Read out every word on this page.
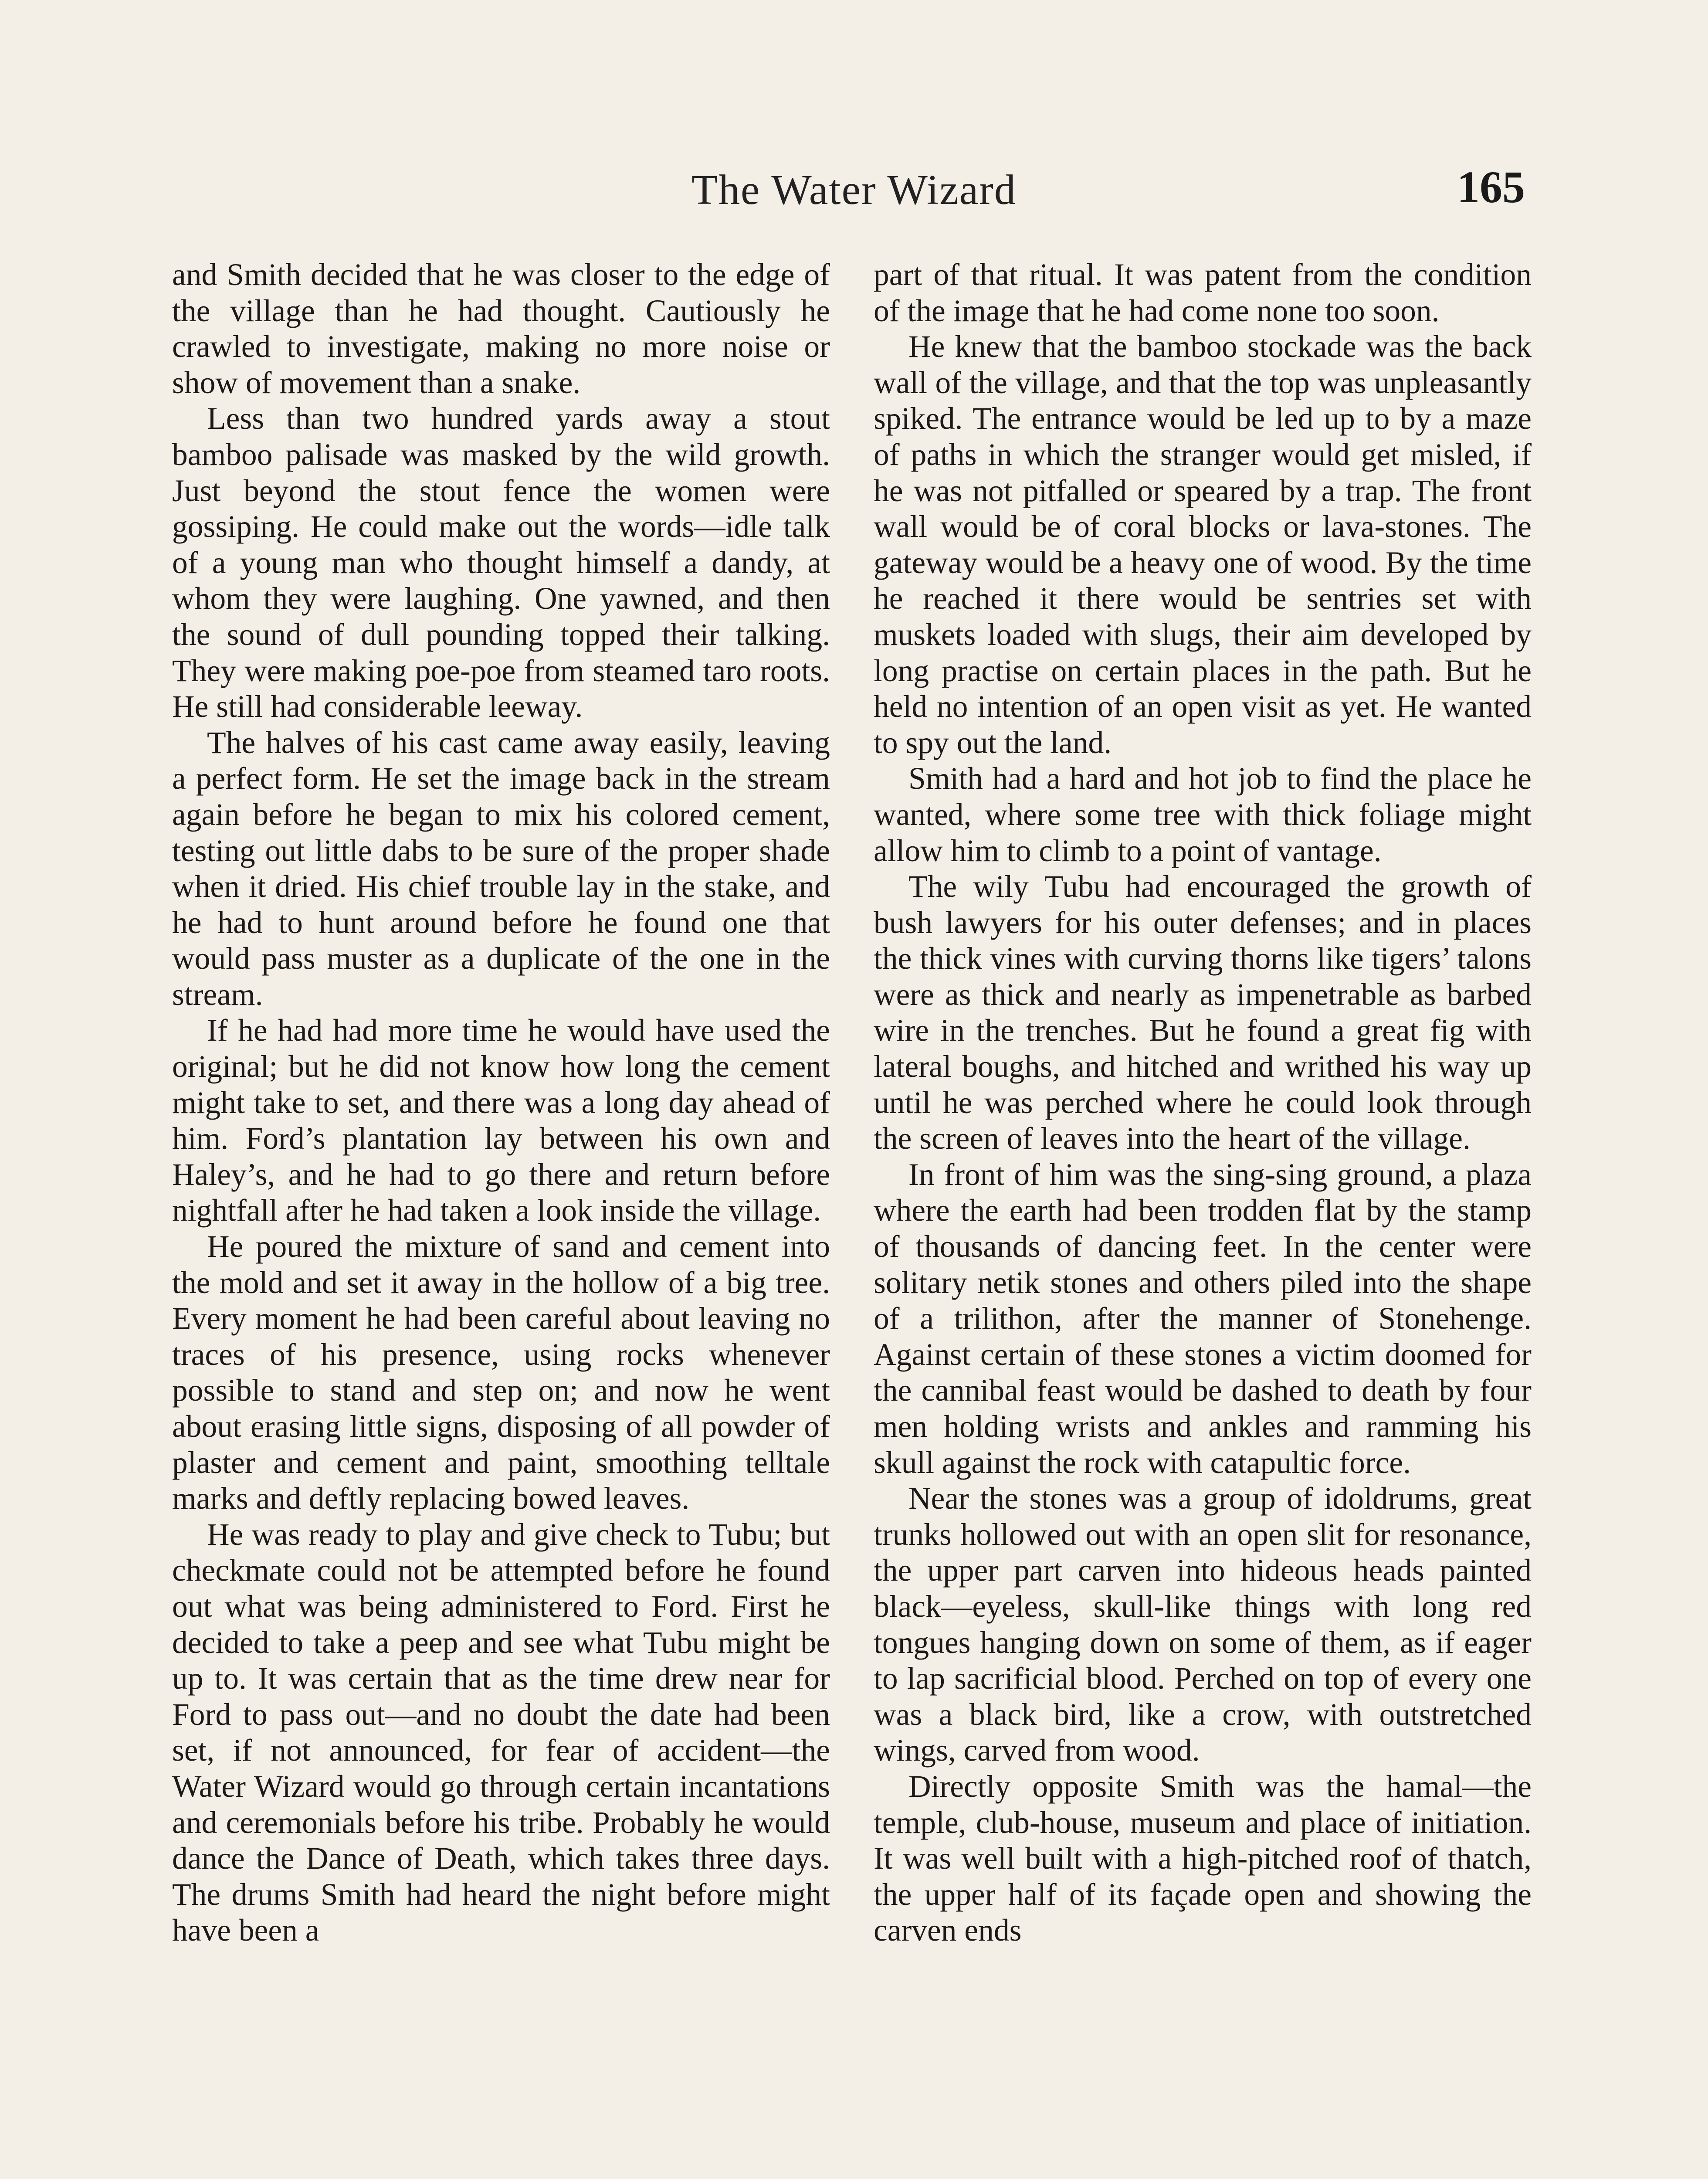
The Water Wizard	165

and Smith decided that he was closer to the edge of the village than he had thought. Cautiously he crawled to investigate, making no more noise or show of movement than a snake.

Less than two hundred yards away a stout bamboo palisade was masked by the wild growth. Just beyond the stout fence the women were gossiping. He could make out the words—idle talk of a young man who thought himself a dandy, at whom they were laughing. One yawned, and then the sound of dull pounding topped their talking. They were making poe-poe from steamed taro roots. He still had considerable leeway.

The halves of his cast came away easily, leaving a perfect form. He set the image back in the stream again before he began to mix his colored cement, testing out little dabs to be sure of the proper shade when it dried. His chief trouble lay in the stake, and he had to hunt around before he found one that would pass muster as a duplicate of the one in the stream.

If he had had more time he would have used the original; but he did not know how long the cement might take to set, and there was a long day ahead of him. Ford’s plantation lay between his own and Haley’s, and he had to go there and return before nightfall after he had taken a look inside the village.

He poured the mixture of sand and cement into the mold and set it away in the hollow of a big tree. Every moment he had been careful about leaving no traces of his presence, using rocks whenever possible to stand and step on; and now he went about erasing little signs, disposing of all powder of plaster and cement and paint, smoothing telltale marks and deftly replacing bowed leaves.

He was ready to play and give check to Tubu; but checkmate could not be attempted before he found out what was being administered to Ford. First he decided to take a peep and see what Tubu might be up to. It was certain that as the time drew near for Ford to pass out—and no doubt the date had been set, if not announced, for fear of accident—the Water Wizard would go through certain incantations and ceremonials before his tribe. Probably he would dance the Dance of Death, which takes three days. The drums Smith had heard the night before might have been a

part of that ritual. It was patent from the condition of the image that he had come none too soon.

He knew that the bamboo stockade was the back wall of the village, and that the top was unpleasantly spiked. The entrance would be led up to by a maze of paths in which the stranger would get misled, if he was not pitfalled or speared by a trap. The front wall would be of coral blocks or lava-stones. The gateway would be a heavy one of wood. By the time he reached it there would be sentries set with muskets loaded with slugs, their aim developed by long practise on certain places in the path. But he held no intention of an open visit as yet. He wanted to spy out the land.

Smith had a hard and hot job to find the place he wanted, where some tree with thick foliage might allow him to climb to a point of vantage.

The wily Tubu had encouraged the growth of bush lawyers for his outer defenses; and in places the thick vines with curving thorns like tigers’ talons were as thick and nearly as impenetrable as barbed wire in the trenches. But he found a great fig with lateral boughs, and hitched and writhed his way up until he was perched where he could look through the screen of leaves into the heart of the village.

In front of him was the sing-sing ground, a plaza where the earth had been trodden flat by the stamp of thousands of dancing feet. In the center were solitary netik stones and others piled into the shape of a trilithon, after the manner of Stonehenge. Against certain of these stones a victim doomed for the cannibal feast would be dashed to death by four men holding wrists and ankles and ramming his skull against the rock with catapultic force.

Near the stones was a group of idoldrums, great trunks hollowed out with an open slit for resonance, the upper part carven into hideous heads painted black—eyeless, skull-like things with long red tongues hanging down on some of them, as if eager to lap sacrificial blood. Perched on top of every one was a black bird, like a crow, with outstretched wings, carved from wood.

Directly opposite Smith was the hamal—the temple, club-house, museum and place of initiation. It was well built with a high-pitched roof of thatch, the upper half of its façade open and showing the carven ends
